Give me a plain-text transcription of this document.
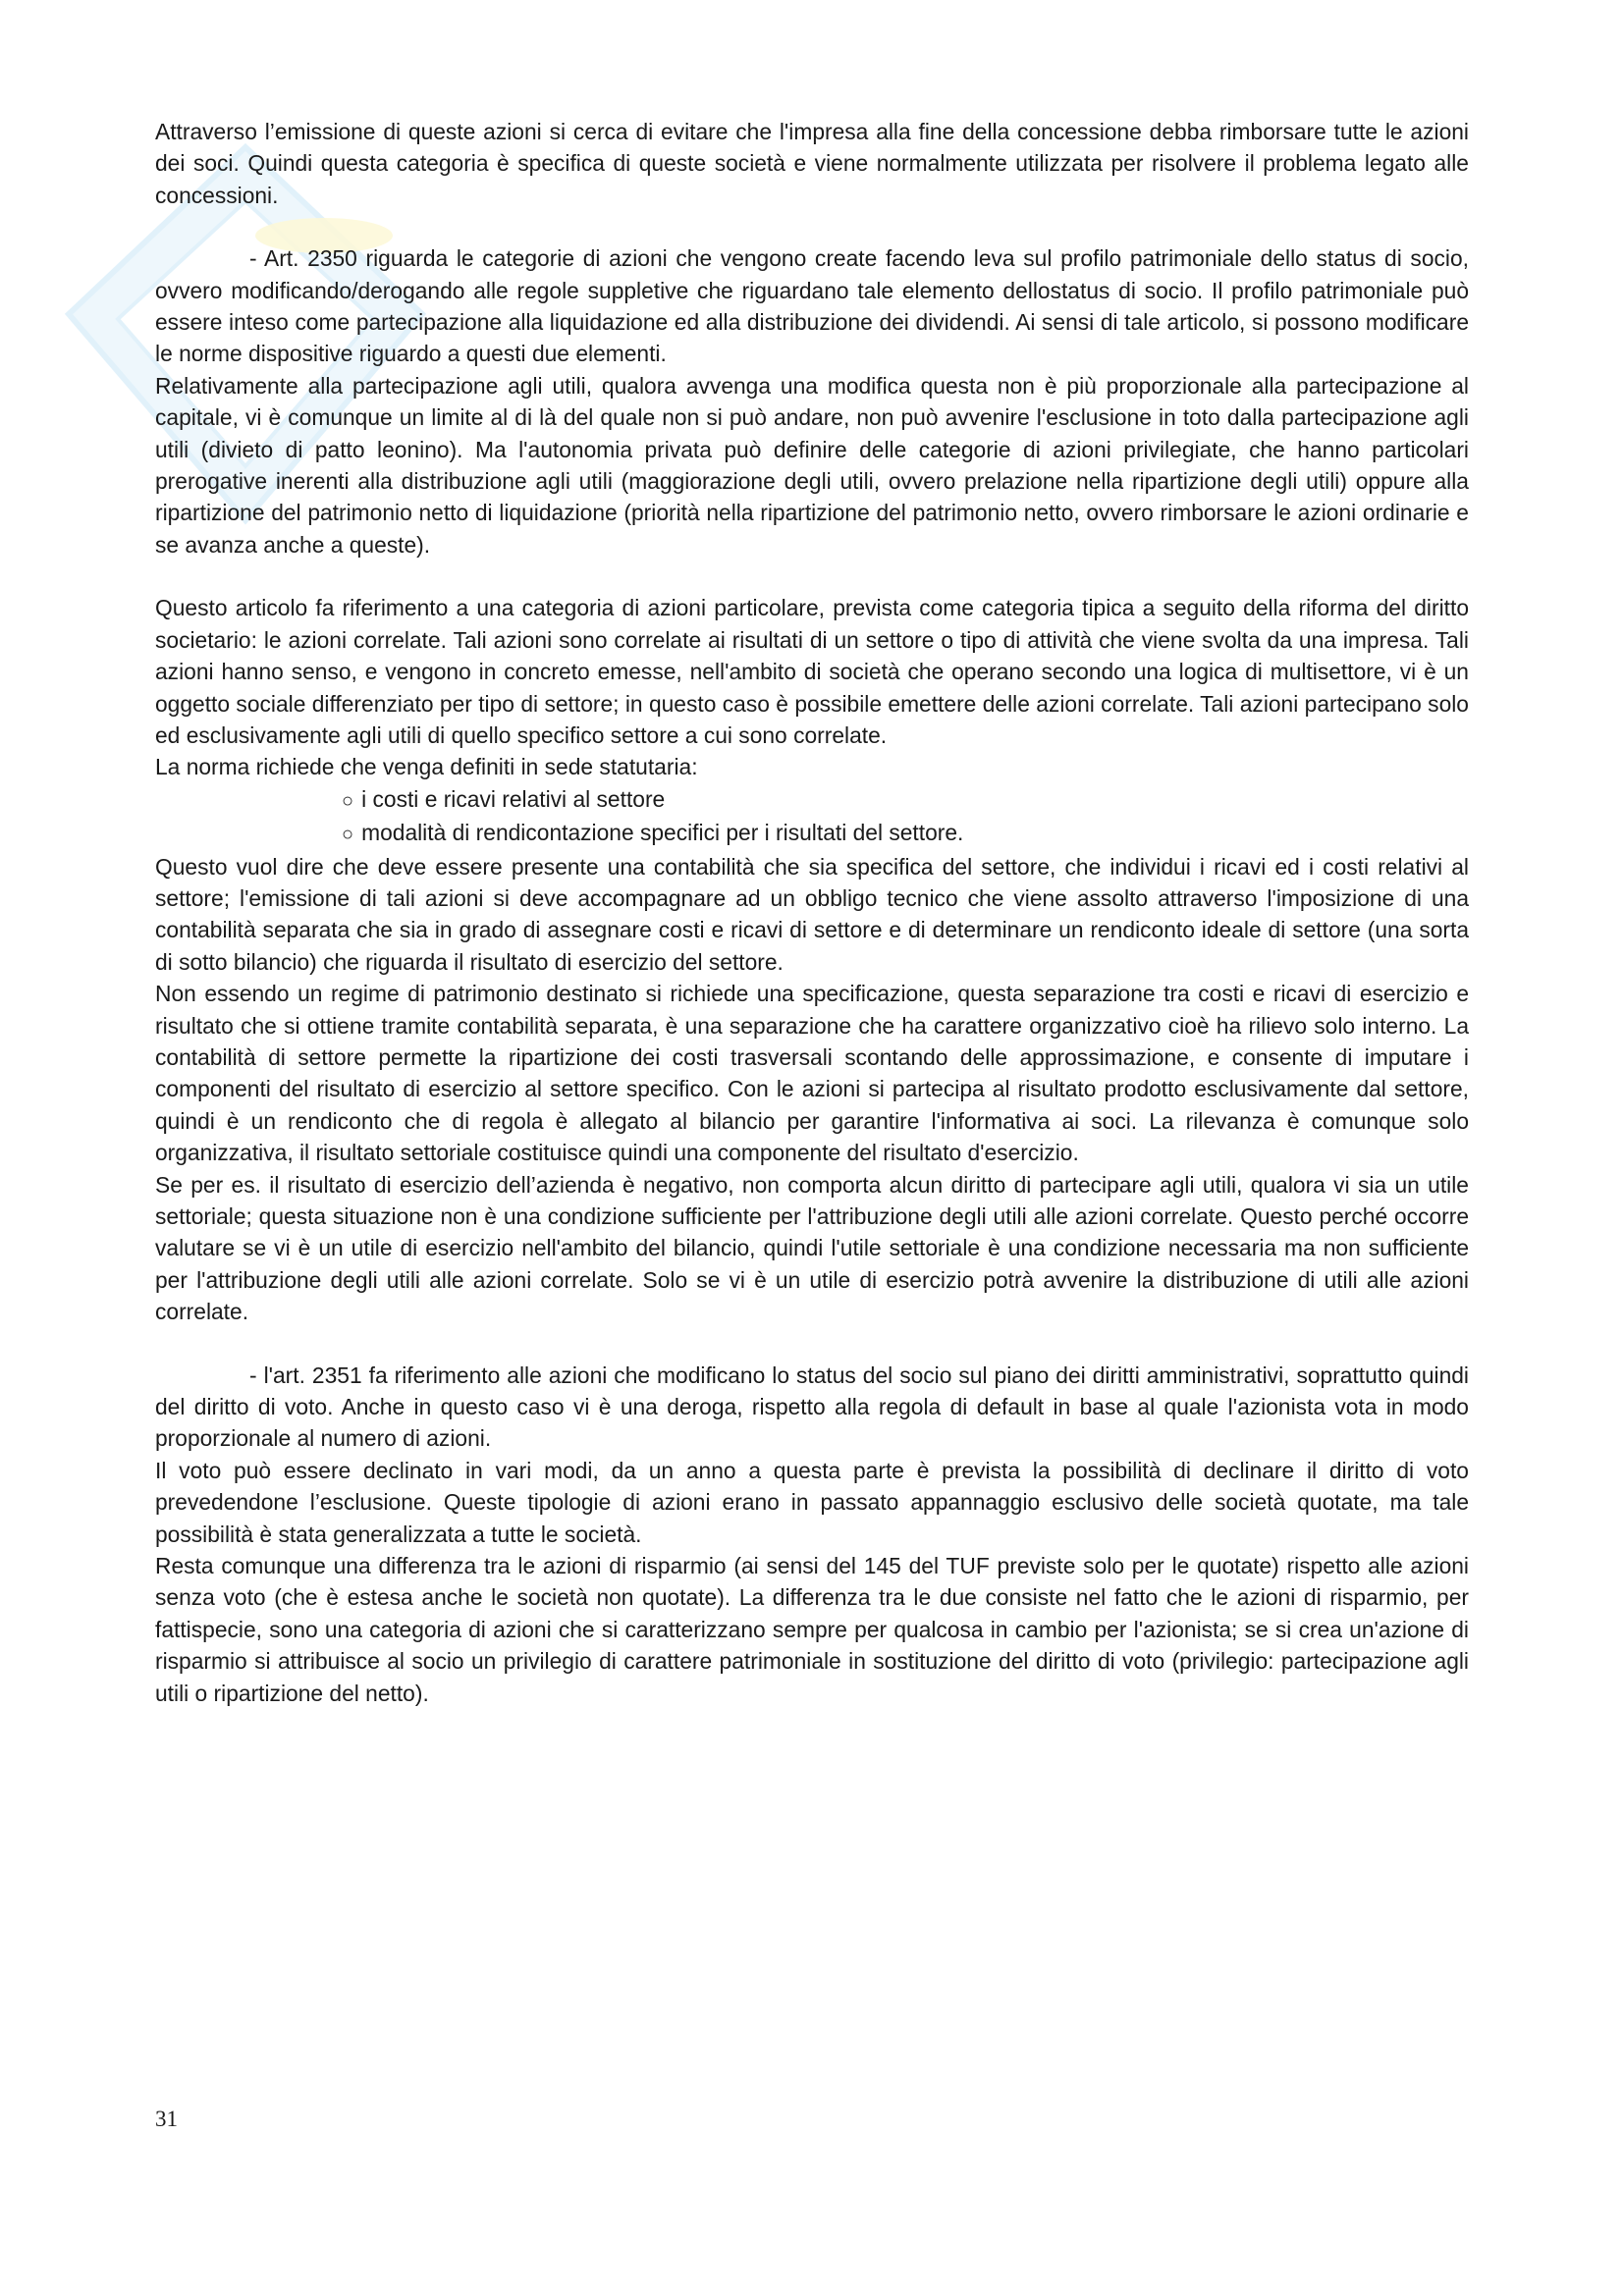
Attraverso l’emissione di queste azioni si cerca di evitare che l'impresa alla fine della concessione debba rimborsare tutte le azioni dei soci. Quindi questa categoria è specifica di queste società e viene normalmente utilizzata per risolvere il problema legato alle concessioni.

- Art. 2350 riguarda le categorie di azioni che vengono create facendo leva sul profilo patrimoniale dello status di socio, ovvero modificando/derogando alle regole suppletive che riguardano tale elemento dellostatus di socio. Il profilo patrimoniale può essere inteso come partecipazione alla liquidazione ed alla distribuzione dei dividendi. Ai sensi di tale articolo, si possono modificare le norme dispositive riguardo a questi due elementi.

Relativamente alla partecipazione agli utili, qualora avvenga una modifica questa non è più proporzionale alla partecipazione al capitale, vi è comunque un limite al di là del quale non si può andare, non può avvenire l'esclusione in toto dalla partecipazione agli utili (divieto di patto leonino). Ma l'autonomia privata può definire delle categorie di azioni privilegiate, che hanno particolari prerogative inerenti alla distribuzione agli utili (maggiorazione degli utili, ovvero prelazione nella ripartizione degli utili) oppure alla ripartizione del patrimonio netto di liquidazione (priorità nella ripartizione del patrimonio netto, ovvero rimborsare le azioni ordinarie e se avanza anche a queste).

Questo articolo fa riferimento a una categoria di azioni particolare, prevista come categoria tipica a seguito della riforma del diritto societario: le azioni correlate. Tali azioni sono correlate ai risultati di un settore o tipo di attività che viene svolta da una impresa. Tali azioni hanno senso, e vengono in concreto emesse, nell'ambito di società che operano secondo una logica di multisettore, vi è un oggetto sociale differenziato per tipo di settore; in questo caso è possibile emettere delle azioni correlate. Tali azioni partecipano solo ed esclusivamente agli utili di quello specifico settore a cui sono correlate.

La norma richiede che venga definiti in sede statutaria:

○ i costi e ricavi relativi al settore
○ modalità di rendicontazione specifici per i risultati del settore.

Questo vuol dire che deve essere presente una contabilità che sia specifica del settore, che individui i ricavi ed i costi relativi al settore; l'emissione di tali azioni si deve accompagnare ad un obbligo tecnico che viene assolto attraverso l'imposizione di una contabilità separata che sia in grado di assegnare costi e ricavi di settore e di determinare un rendiconto ideale di settore (una sorta di sotto bilancio) che riguarda il risultato di esercizio del settore.

Non essendo un regime di patrimonio destinato si richiede una specificazione, questa separazione tra costi e ricavi di esercizio e risultato che si ottiene tramite contabilità separata, è una separazione che ha carattere organizzativo cioè ha rilievo solo interno. La contabilità di settore permette la ripartizione dei costi trasversali scontando delle approssimazione, e consente di imputare i componenti del risultato di esercizio al settore specifico. Con le azioni si partecipa al risultato prodotto esclusivamente dal settore, quindi è un rendiconto che di regola è allegato al bilancio per garantire l'informativa ai soci. La rilevanza è comunque solo organizzativa, il risultato settoriale costituisce quindi una componente del risultato d'esercizio.

Se per es. il risultato di esercizio dell’azienda è negativo, non comporta alcun diritto di partecipare agli utili, qualora vi sia un utile settoriale; questa situazione non è una condizione sufficiente per l'attribuzione degli utili alle azioni correlate. Questo perché occorre valutare se vi è un utile di esercizio nell'ambito del bilancio, quindi l'utile settoriale è una condizione necessaria ma non sufficiente per l'attribuzione degli utili alle azioni correlate. Solo se vi è un utile di esercizio potrà avvenire la distribuzione di utili alle azioni correlate.

- l'art. 2351 fa riferimento alle azioni che modificano lo status del socio sul piano dei diritti amministrativi, soprattutto quindi del diritto di voto. Anche in questo caso vi è una deroga, rispetto alla regola di default in base al quale l'azionista vota in modo proporzionale al numero di azioni.

Il voto può essere declinato in vari modi, da un anno a questa parte è prevista la possibilità di declinare il diritto di voto prevedendone l’esclusione. Queste tipologie di azioni erano in passato appannaggio esclusivo delle società quotate, ma tale possibilità è stata generalizzata a tutte le società.

Resta comunque una differenza tra le azioni di risparmio (ai sensi del 145 del TUF previste solo per le quotate) rispetto alle azioni senza voto (che è estesa anche le società non quotate). La differenza tra le due consiste nel fatto che le azioni di risparmio, per fattispecie, sono una categoria di azioni che si caratterizzano sempre per qualcosa in cambio per l'azionista; se si crea un'azione di risparmio si attribuisce al socio un privilegio di carattere patrimoniale in sostituzione del diritto di voto (privilegio: partecipazione agli utili o ripartizione del netto).

31
